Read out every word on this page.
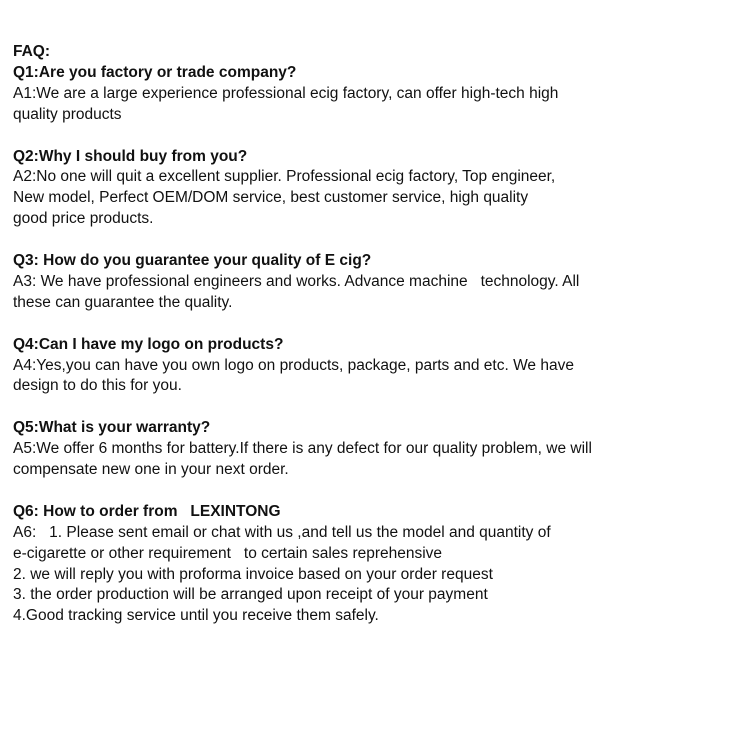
FAQ:
Q1:Are you factory or trade company?
A1:We are a large experience professional ecig factory, can offer high-tech high
quality products
Q2:Why I should buy from you?
A2:No one will quit a excellent supplier. Professional ecig factory, Top engineer,
New model, Perfect OEM/DOM service, best customer service, high quality
good price products.
Q3: How do you guarantee your quality of E cig?
A3: We have professional engineers and works. Advance machine   technology. All
these can guarantee the quality.
Q4:Can I have my logo on products?
A4:Yes,you can have you own logo on products, package, parts and etc. We have
design to do this for you.
Q5:What is your warranty?
A5:We offer 6 months for battery.If there is any defect for our quality problem, we will
compensate new one in your next order.
Q6: How to order from   LEXINTONG
A6:   1. Please sent email or chat with us ,and tell us the model and quantity of
e-cigarette or other requirement   to certain sales reprehensive
2. we will reply you with proforma invoice based on your order request
3. the order production will be arranged upon receipt of your payment
4.Good tracking service until you receive them safely.
